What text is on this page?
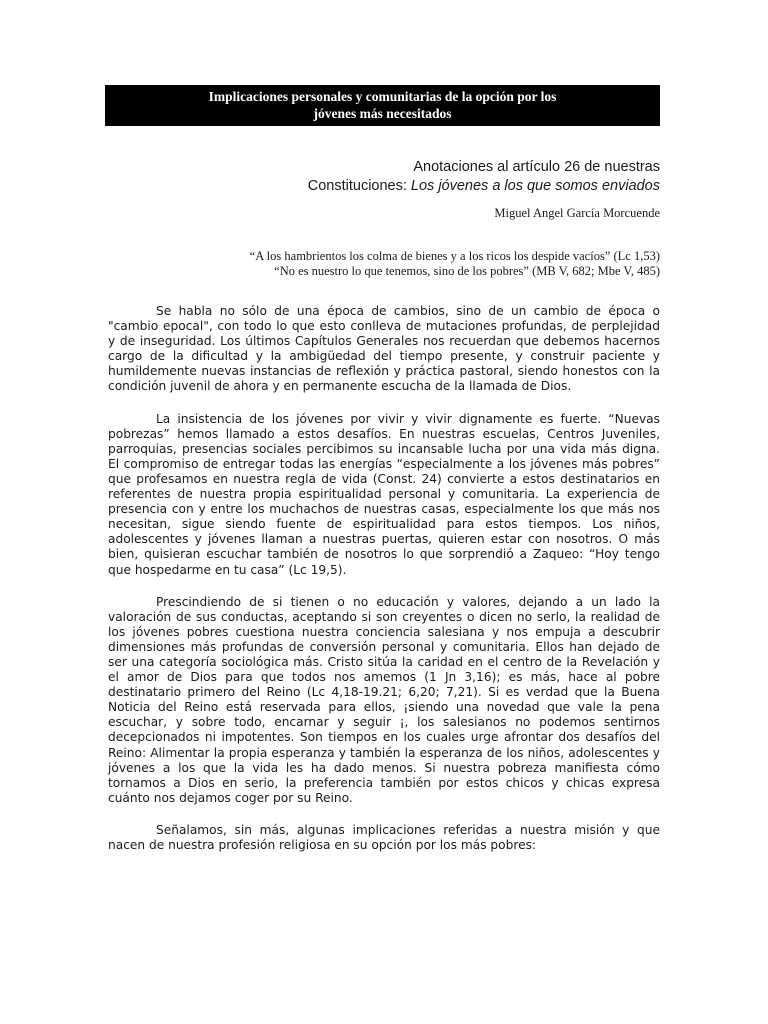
Implicaciones personales y comunitarias de la opción por los
jóvenes más necesitados
Anotaciones al artículo 26 de nuestras
Constituciones: Los jóvenes a los que somos enviados
Miguel Angel García Morcuende
“A los hambrientos los colma de bienes y a los ricos los despide vacíos” (Lc 1,53)
“No es nuestro lo que tenemos, sino de los pobres” (MB V, 682; Mbe V, 485)

Se habla no sólo de una época de cambios, sino de un cambio de época o "cambio epocal", con todo lo que esto conlleva de mutaciones profundas, de perplejidad y de inseguridad. Los últimos Capítulos Generales nos recuerdan que debemos hacernos cargo de la dificultad y la ambigüedad del tiempo presente, y construir paciente y humildemente nuevas instancias de reflexión y práctica pastoral, siendo honestos con la condición juvenil de ahora y en permanente escucha de la llamada de Dios.

La insistencia de los jóvenes por vivir y vivir dignamente es fuerte. “Nuevas pobrezas” hemos llamado a estos desafíos. En nuestras escuelas, Centros Juveniles, parroquias, presencias sociales percibimos su incansable lucha por una vida más digna. El compromiso de entregar todas las energías “especialmente a los jóvenes más pobres” que profesamos en nuestra regla de vida (Const. 24) convierte a estos destinatarios en referentes de nuestra propia espiritualidad personal y comunitaria. La experiencia de presencia con y entre los muchachos de nuestras casas, especialmente los que más nos necesitan, sigue siendo fuente de espiritualidad para estos tiempos. Los niños, adolescentes y jóvenes llaman a nuestras puertas, quieren estar con nosotros. O más bien, quisieran escuchar también de nosotros lo que sorprendió a Zaqueo: “Hoy tengo que hospedarme en tu casa” (Lc 19,5).

Prescindiendo de si tienen o no educación y valores, dejando a un lado la valoración de sus conductas, aceptando si son creyentes o dicen no serlo, la realidad de los jóvenes pobres cuestiona nuestra conciencia salesiana y nos empuja a descubrir dimensiones más profundas de conversión personal y comunitaria. Ellos han dejado de ser una categoría sociológica más. Cristo sitúa la caridad en el centro de la Revelación y el amor de Dios para que todos nos amemos (1 Jn 3,16); es más, hace al pobre destinatario primero del Reino (Lc 4,18-19.21; 6,20; 7,21). Si es verdad que la Buena Noticia del Reino está reservada para ellos, ¡siendo una novedad que vale la pena escuchar, y sobre todo, encarnar y seguir ¡, los salesianos no podemos sentirnos decepcionados ni impotentes. Son tiempos en los cuales urge afrontar dos desafíos del Reino: Alimentar la propia esperanza y también la esperanza de los niños, adolescentes y jóvenes a los que la vida les ha dado menos. Si nuestra pobreza manifiesta cómo tornamos a Dios en serio, la preferencia también por estos chicos y chicas expresa cuánto nos dejamos coger por su Reino.

Señalamos, sin más, algunas implicaciones referidas a nuestra misión y que nacen de nuestra profesión religiosa en su opción por los más pobres:
